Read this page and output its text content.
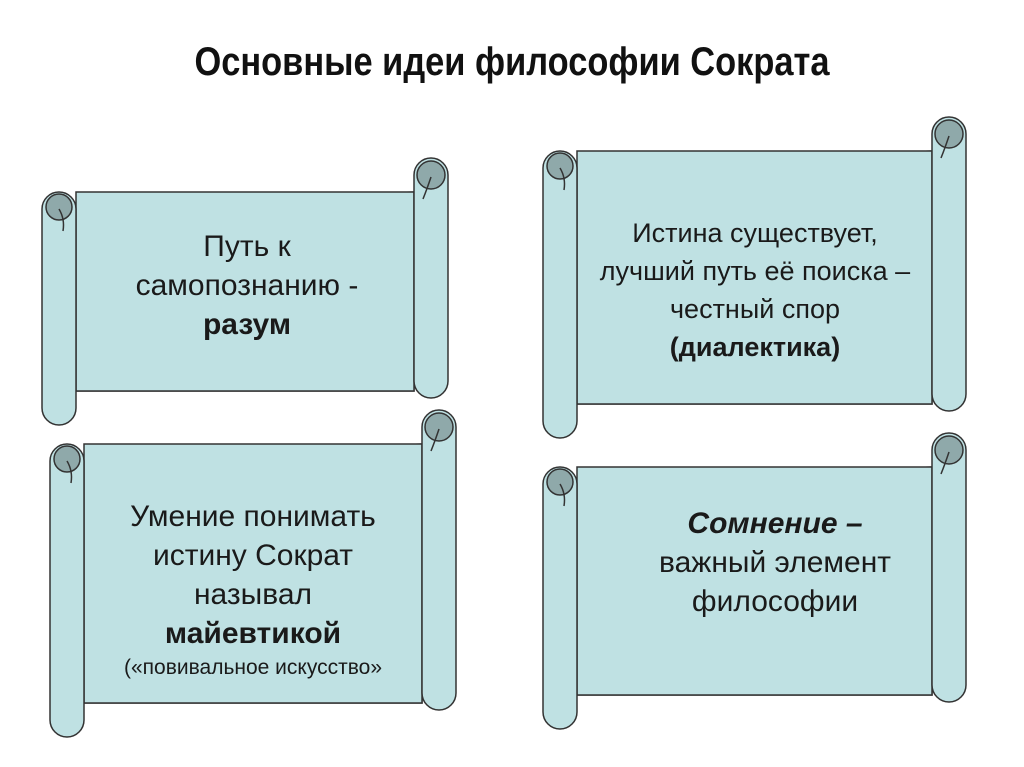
Основные идеи философии Сократа
Путь к
самопознанию -
разум
Истина существует,
лучший путь её поиска –
честный спор
(диалектика)
Умение понимать
истину Сократ
называл
майевтикой
(«повивальное искусство»
Сомнение –
важный элемент
философии
